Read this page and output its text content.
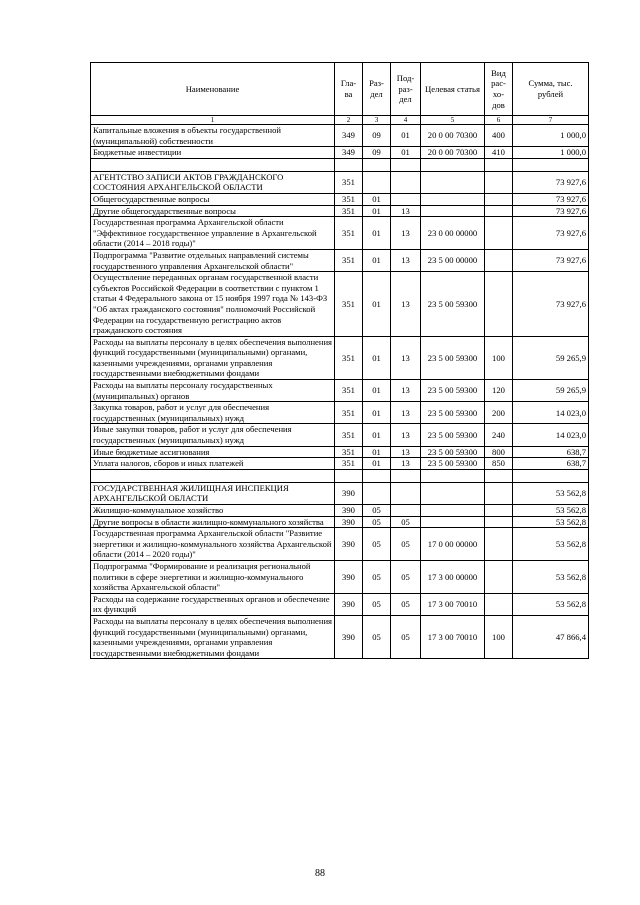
Наименование	Гла-ва	Раз-дел	Под-раз-дел	Целевая статья	Вид рас-хо-дов	Сумма, тыс. рублей
1	2	3	4	5	6	7
Капитальные вложения в объекты государственной (муниципальной) собственности	349	09	01	20 0 00 70300	400	1 000,0
Бюджетные инвестиции	349	09	01	20 0 00 70300	410	1 000,0

АГЕНТСТВО ЗАПИСИ АКТОВ ГРАЖДАНСКОГО СОСТОЯНИЯ АРХАНГЕЛЬСКОЙ ОБЛАСТИ	351					73 927,6
Общегосударственные вопросы	351	01				73 927,6
Другие общегосударственные вопросы	351	01	13			73 927,6
Государственная программа Архангельской области "Эффективное государственное управление в Архангельской области (2014 – 2018 годы)"	351	01	13	23 0 00 00000		73 927,6
Подпрограмма "Развитие отдельных направлений системы государственного управления Архангельской области"	351	01	13	23 5 00 00000		73 927,6
Осуществление переданных органам государственной власти субъектов Российской Федерации в соответствии с пунктом 1 статьи 4 Федерального закона от 15 ноября 1997 года № 143-ФЗ "Об актах гражданского состояния" полномочий Российской Федерации на государственную регистрацию актов гражданского состояния	351	01	13	23 5 00 59300		73 927,6
Расходы на выплаты персоналу в целях обеспечения выполнения функций государственными (муниципальными) органами, казенными учреждениями, органами управления государственными внебюджетными фондами	351	01	13	23 5 00 59300	100	59 265,9
Расходы на выплаты персоналу государственных (муниципальных) органов	351	01	13	23 5 00 59300	120	59 265,9
Закупка товаров, работ и услуг для обеспечения государственных (муниципальных) нужд	351	01	13	23 5 00 59300	200	14 023,0
Иные закупки товаров, работ и услуг для обеспечения государственных (муниципальных) нужд	351	01	13	23 5 00 59300	240	14 023,0
Иные бюджетные ассигнования	351	01	13	23 5 00 59300	800	638,7
Уплата налогов, сборов и иных платежей	351	01	13	23 5 00 59300	850	638,7

ГОСУДАРСТВЕННАЯ ЖИЛИЩНАЯ ИНСПЕКЦИЯ АРХАНГЕЛЬСКОЙ ОБЛАСТИ	390					53 562,8
Жилищно-коммунальное хозяйство	390	05				53 562,8
Другие вопросы в области жилищно-коммунального хозяйства	390	05	05			53 562,8
Государственная программа Архангельской области "Развитие энергетики и жилищно-коммунального хозяйства Архангельской области (2014 – 2020 годы)"	390	05	05	17 0 00 00000		53 562,8
Подпрограмма "Формирование и реализация региональной политики в сфере энергетики и жилищно-коммунального хозяйства Архангельской области"	390	05	05	17 3 00 00000		53 562,8
Расходы на содержание государственных органов и обеспечение их функций	390	05	05	17 3 00 70010		53 562,8
Расходы на выплаты персоналу в целях обеспечения выполнения функций государственными (муниципальными) органами, казенными учреждениями, органами управления государственными внебюджетными фондами	390	05	05	17 3 00 70010	100	47 866,4
88
